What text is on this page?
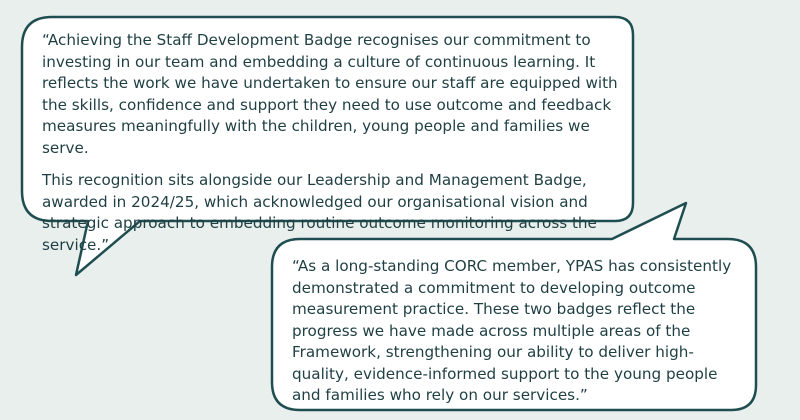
“Achieving the Staff Development Badge recognises our commitment to investing in our team and embedding a culture of continuous learning. It reflects the work we have undertaken to ensure our staff are equipped with the skills, confidence and support they need to use outcome and feedback measures meaningfully with the children, young people and families we serve.

This recognition sits alongside our Leadership and Management Badge, awarded in 2024/25, which acknowledged our organisational vision and strategic approach to embedding routine outcome monitoring across the service.”

“As a long-standing CORC member, YPAS has consistently demonstrated a commitment to developing outcome measurement practice. These two badges reflect the progress we have made across multiple areas of the Framework, strengthening our ability to deliver high-quality, evidence-informed support to the young people and families who rely on our services.”
